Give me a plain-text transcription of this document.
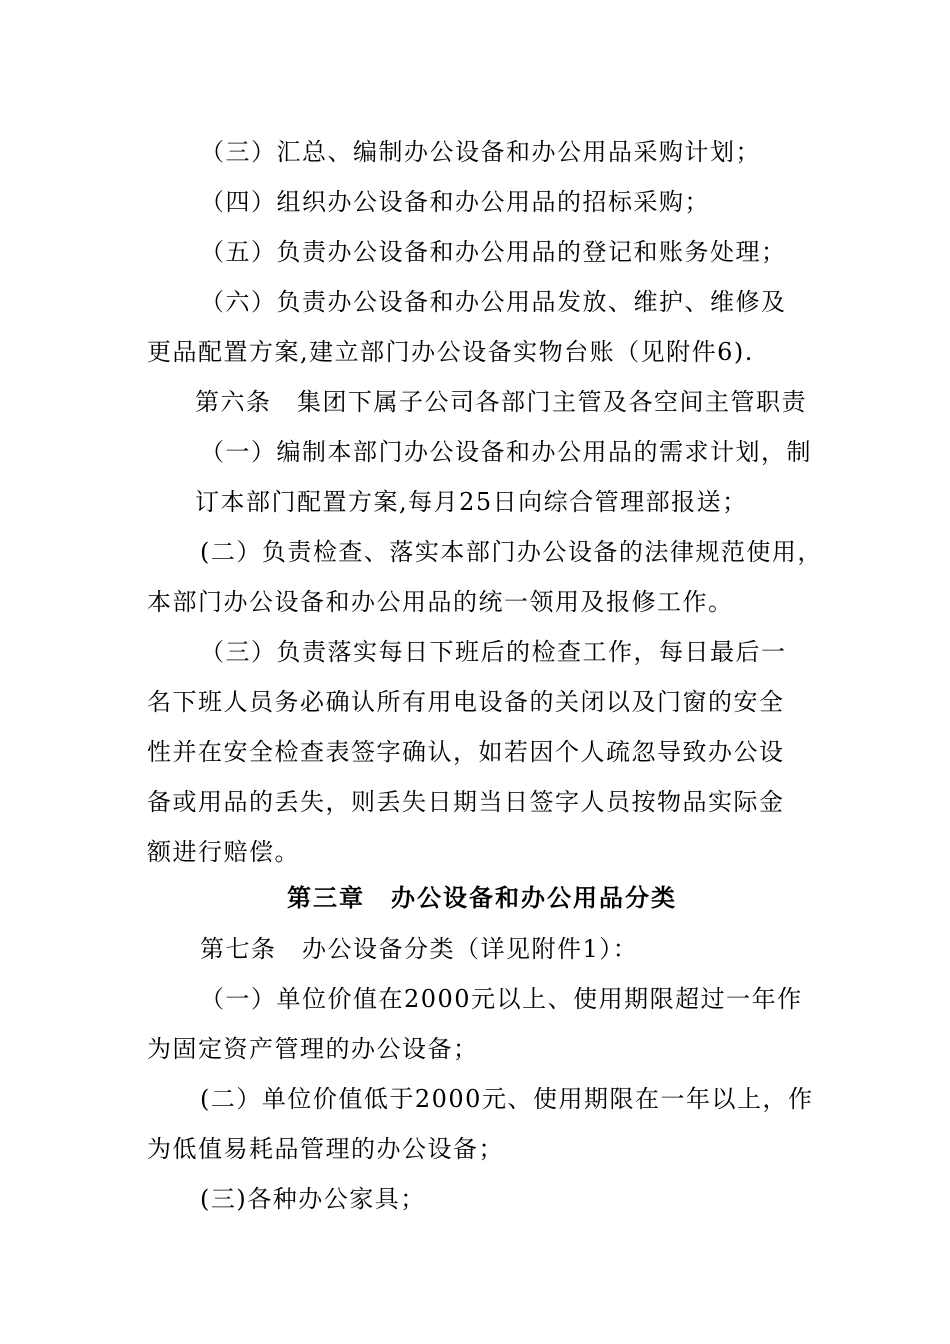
（三）汇总、编制办公设备和办公用品采购计划；
（四）组织办公设备和办公用品的招标采购；
（五）负责办公设备和办公用品的登记和账务处理；
（六）负责办公设备和办公用品发放、维护、维修及
更品配置方案,建立部门办公设备实物台账（见附件6).
第六条　集团下属子公司各部门主管及各空间主管职责
（一）编制本部门办公设备和办公用品的需求计划，制
订本部门配置方案,每月25日向综合管理部报送；
(二）负责检查、落实本部门办公设备的法律规范使用，
本部门办公设备和办公用品的统一领用及报修工作。
（三）负责落实每日下班后的检查工作，每日最后一
名下班人员务必确认所有用电设备的关闭以及门窗的安全
性并在安全检查表签字确认，如若因个人疏忽导致办公设
备或用品的丢失，则丢失日期当日签字人员按物品实际金
额进行赔偿。
第三章　办公设备和办公用品分类
第七条　办公设备分类（详见附件1）：
（一）单位价值在2000元以上、使用期限超过一年作
为固定资产管理的办公设备；
(二）单位价值低于2000元、使用期限在一年以上，作
为低值易耗品管理的办公设备；
(三)各种办公家具；
